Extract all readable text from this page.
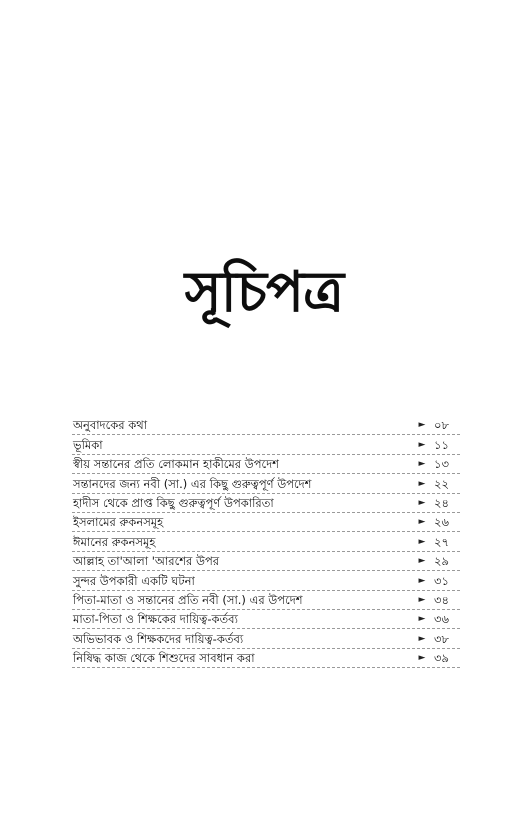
সূচিপত্র
অনুবাদকের কথা	► ০৮
ভূমিকা	► ১১
স্বীয় সন্তানের প্রতি লোকমান হাকীমের উপদেশ	► ১৩
সন্তানদের জন্য নবী (সা.) এর কিছু গুরুত্বপূর্ণ উপদেশ	► ২২
হাদীস থেকে প্রাপ্ত কিছু গুরুত্বপূর্ণ উপকারিতা	► ২৪
ইসলামের রুকনসমূহ	► ২৬
ঈমানের রুকনসমূহ	► ২৭
আল্লাহ তা'আলা 'আরশের উপর	► ২৯
সুন্দর উপকারী একটি ঘটনা	► ৩১
পিতা-মাতা ও সন্তানের প্রতি নবী (সা.) এর উপদেশ	► ৩৪
মাতা-পিতা ও শিক্ষকের দায়িত্ব-কর্তব্য	► ৩৬
অভিভাবক ও শিক্ষকদের দায়িত্ব-কর্তব্য	► ৩৮
নিষিদ্ধ কাজ থেকে শিশুদের সাবধান করা	► ৩৯
